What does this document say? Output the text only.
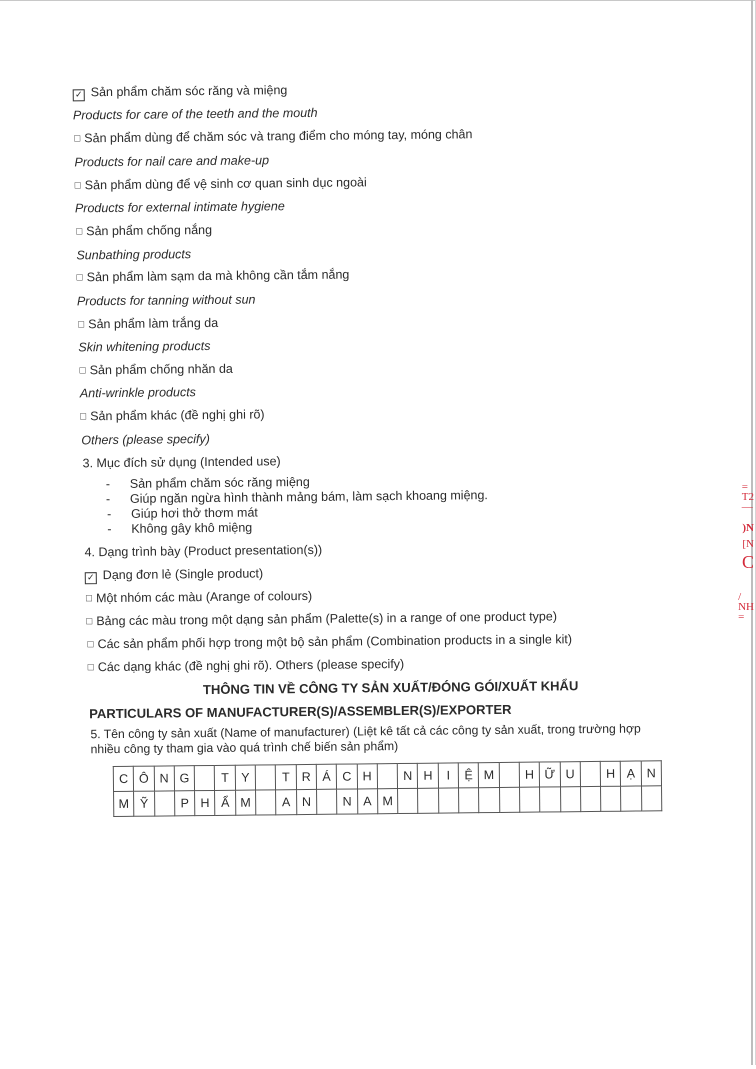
✓ Sản phẩm chăm sóc răng và miệng
Products for care of the teeth and the mouth
□ Sản phẩm dùng để chăm sóc và trang điểm cho móng tay, móng chân
Products for nail care and make-up
□ Sản phẩm dùng để vệ sinh cơ quan sinh dục ngoài
Products for external intimate hygiene
□ Sản phẩm chống nắng
Sunbathing products
□ Sản phẩm làm sạm da mà không cần tắm nắng
Products for tanning without sun
□ Sản phẩm làm trắng da
Skin whitening products
□ Sản phẩm chống nhăn da
Anti-wrinkle products
□ Sản phẩm khác (đề nghị ghi rõ)
Others (please specify)
3. Mục đích sử dụng (Intended use)
- Sản phẩm chăm sóc răng miệng
- Giúp ngăn ngừa hình thành mảng bám, làm sạch khoang miệng.
- Giúp hơi thở thơm mát
- Không gây khô miệng
4. Dạng trình bày (Product presentation(s))
✓ Dạng đơn lẻ (Single product)
□ Một nhóm các màu (Arange of colours)
□ Bảng các màu trong một dạng sản phẩm (Palette(s) in a range of one product type)
□ Các sản phẩm phối hợp trong một bộ sản phẩm (Combination products in a single kit)
□ Các dạng khác (đề nghị ghi rõ). Others (please specify)
THÔNG TIN VỀ CÔNG TY SẢN XUẤT/ĐÓNG GÓI/XUẤT KHẨU
PARTICULARS OF MANUFACTURER(S)/ASSEMBLER(S)/EXPORTER
5. Tên công ty sản xuất (Name of manufacturer) (Liệt kê tất cả các công ty sản xuất, trong trường hợp
nhiều công ty tham gia vào quá trình chế biến sản phẩm)
C	Ô	N	G		T	Y		T	R	Á	C	H		N	H	I	Ệ	M		H	Ữ	U		H	Ạ	N
M	Ỹ		P	H	Ẩ	M		A	N		N	A	M													
=
T2
—
)N
[N
C
/
NH
=
